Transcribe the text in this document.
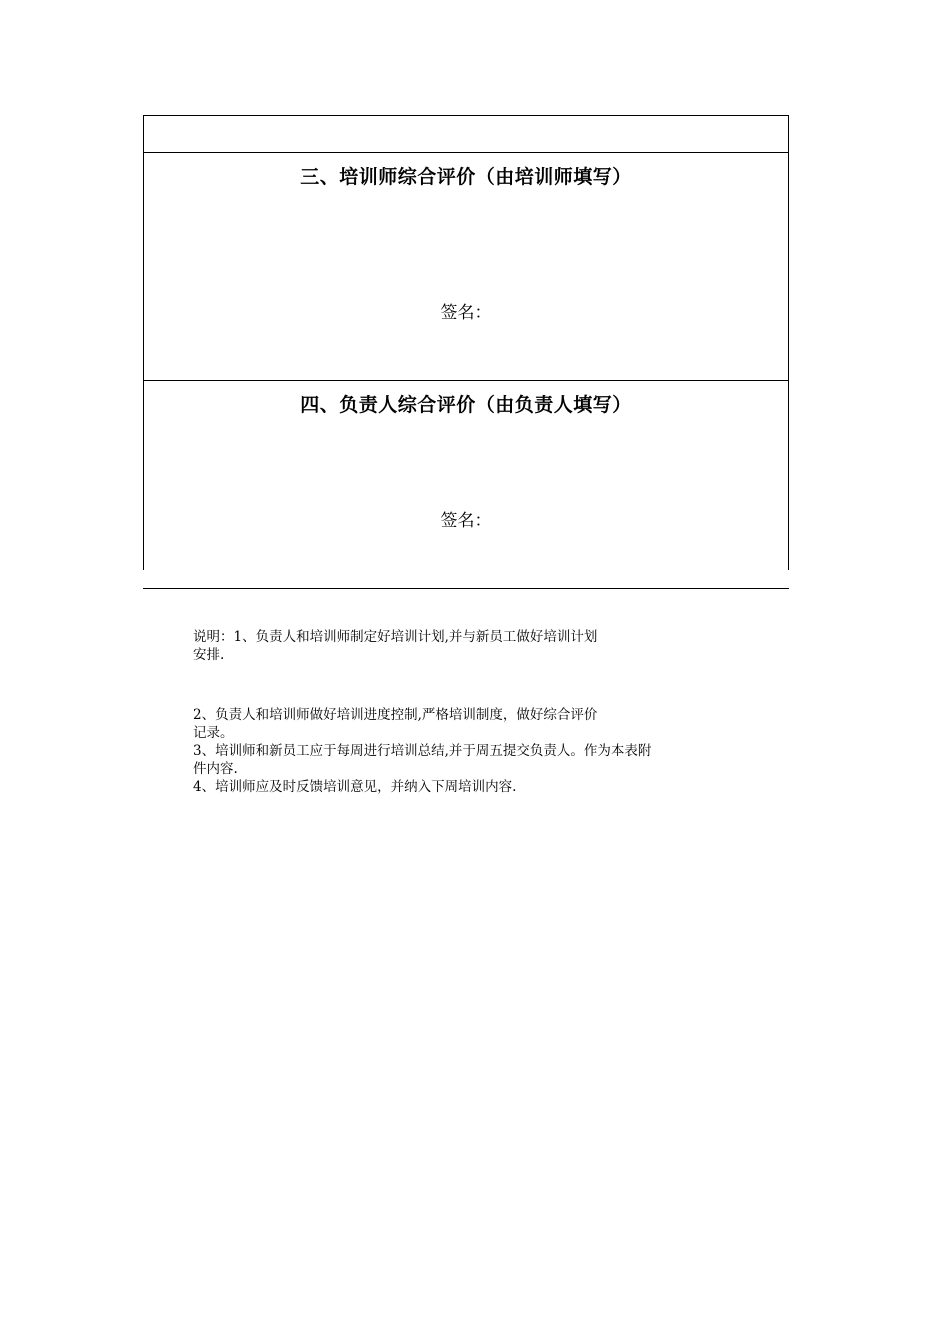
三、培训师综合评价（由培训师填写）
签名：
四、负责人综合评价（由负责人填写）
签名：

说明：1、负责人和培训师制定好培训计划,并与新员工做好培训计划
安排.

2、负责人和培训师做好培训进度控制,严格培训制度，做好综合评价
记录。

3、培训师和新员工应于每周进行培训总结,并于周五提交负责人。作为本表附
件内容.

4、培训师应及时反馈培训意见，并纳入下周培训内容.
